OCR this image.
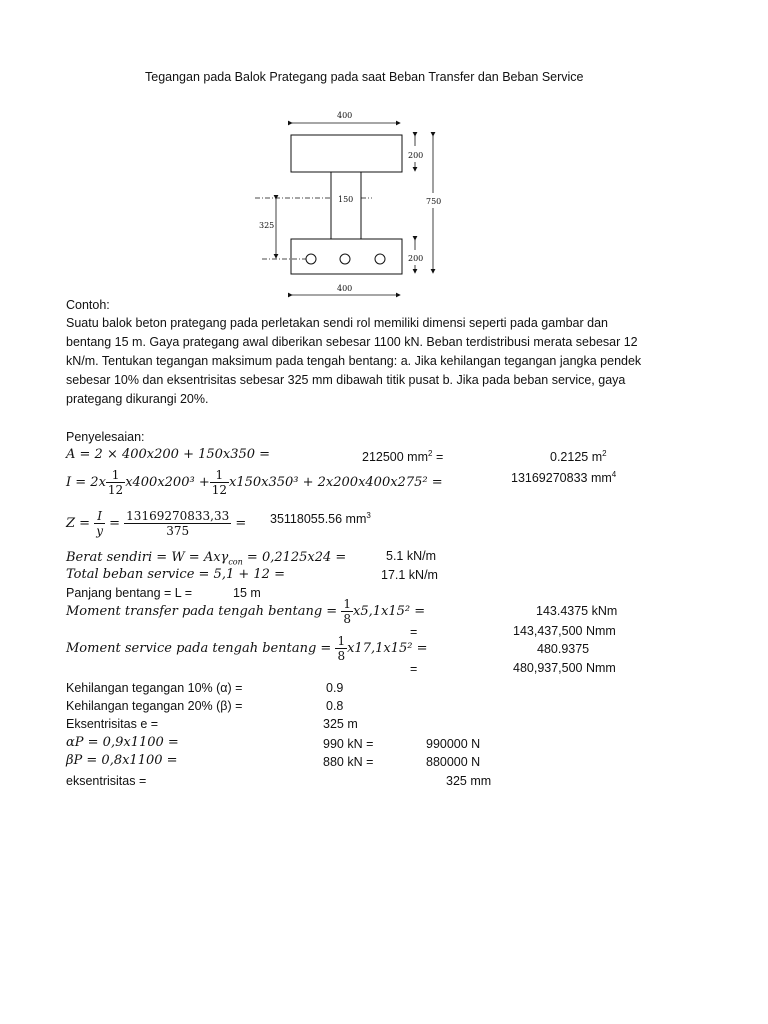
Tegangan pada Balok Prategang pada saat Beban Transfer dan Beban Service
400
150
400
325
200
200
750
Contoh:
Suatu balok beton prategang pada perletakan sendi rol memiliki dimensi seperti pada gambar dan
bentang 15 m. Gaya prategang awal diberikan sebesar 1100 kN. Beban terdistribusi merata sebesar 12
kN/m. Tentukan tegangan maksimum pada tengah bentang: a. Jika kehilangan tegangan jangka pendek
sebesar 10% dan eksentrisitas sebesar 325 mm dibawah titik pusat b. Jika pada beban service, gaya
prategang dikurangi 20%.
Penyelesaian:
A = 2 × 400x200 + 150x350 =	212500 $mm^2$ =	0.2125 $m^2$
$I = 2x \frac{1}{12} x400x200^3 + \frac{1}{12} x150x350^3 + 2x200x400x275^2$ =	13169270833 $mm^4$
$Z = \frac{I}{y} = \frac{13169270833,33}{375} = 35118055.56$ $mm^3$
Berat sendiri = W = Axγ$_{con}$ = 0,2125x24 =	5.1 kN/m
Total beban service = 5,1 + 12 =	17.1 kN/m
Panjang bentang = L =	15 m
Moment transfer pada tengah $bentang = \frac{1}{8} x5,1x15^2$ =	143.4375 kNm
=	143,437,500 Nmm
Moment service pada tengah $bentang = \frac{1}{8} x17,1x15^2$ =	480.9375
=	480,937,500 Nmm
Kehilangan tegangan 10% (α) =	0.9
Kehilangan tegangan 20% (β) =	0.8
Eksentrisitas e =	325 m
αP = 0,9x1100 =	990 kN =	990000 N
βP = 0,8x1100 =	880 kN =	880000 N
eksentrisitas =	325 mm
